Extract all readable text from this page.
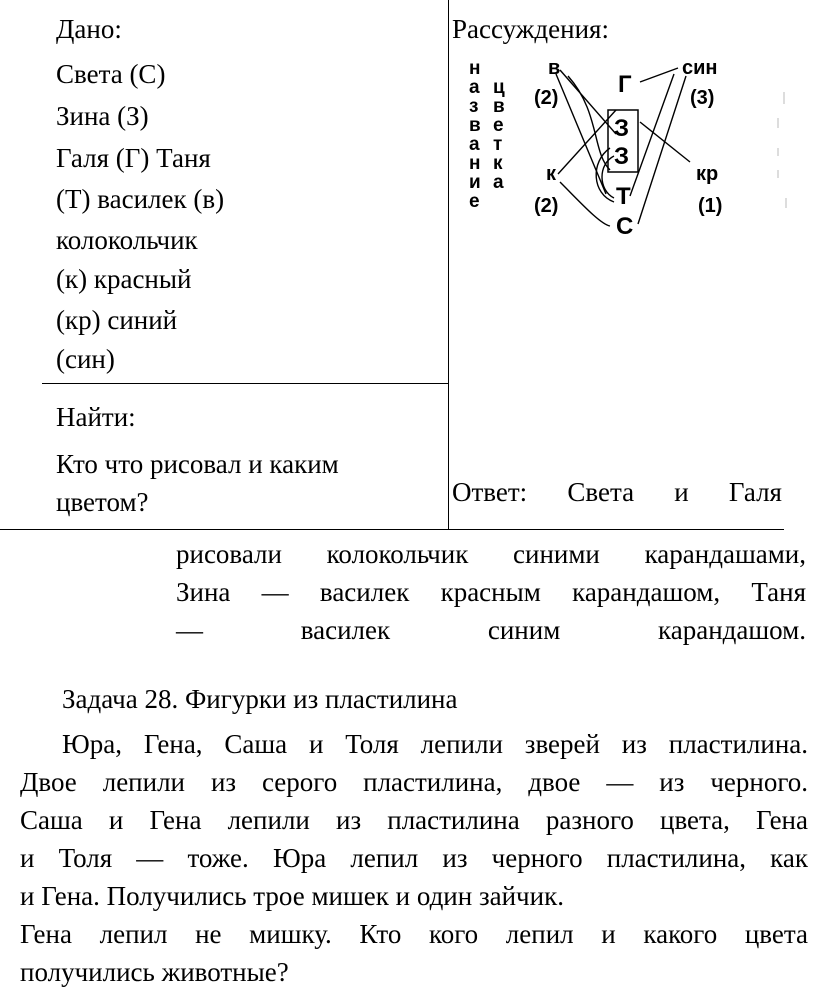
Дано:
Света (С)
Зина (З)
Галя (Г) Таня
(Т) василек (в)
колокольчик
(к) красный
(кр) синий
(син)
Найти:
Кто что рисовал и каким
цветом?
Рассуждения:
н
а
з
в
а
н
и
е
ц
в
е
т
к
а
в
(2)
к
(2)
Г
З
З
Т
С
син
(3)
кр
(1)
Ответ: Света и Галя
рисовали колокольчик синими карандашами,
Зина — василек красным карандашом, Таня
— василек синим карандашом.
Задача 28. Фигурки из пластилина
Юра, Гена, Саша и Толя лепили зверей из пластилина.
Двое лепили из серого пластилина, двое — из черного.
Саша и Гена лепили из пластилина разного цвета, Гена
и Толя — тоже. Юра лепил из черного пластилина, как
и Гена. Получились трое мишек и один зайчик.
Гена лепил не мишку. Кто кого лепил и какого цвета
получились животные?
